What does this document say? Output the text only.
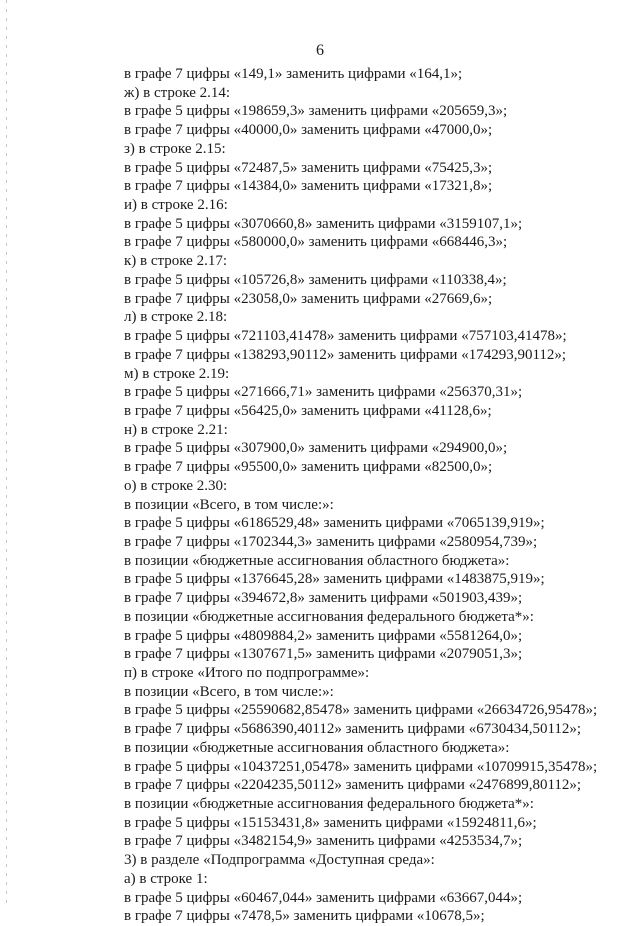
6
в графе 7 цифры «149,1» заменить цифрами «164,1»;
ж) в строке 2.14:
в графе 5 цифры «198659,3» заменить цифрами «205659,3»;
в графе 7 цифры «40000,0» заменить цифрами «47000,0»;
з) в строке 2.15:
в графе 5 цифры «72487,5» заменить цифрами «75425,3»;
в графе 7 цифры «14384,0» заменить цифрами «17321,8»;
и) в строке 2.16:
в графе 5 цифры «3070660,8» заменить цифрами «3159107,1»;
в графе 7 цифры «580000,0» заменить цифрами «668446,3»;
к) в строке 2.17:
в графе 5 цифры «105726,8» заменить цифрами «110338,4»;
в графе 7 цифры «23058,0» заменить цифрами «27669,6»;
л) в строке 2.18:
в графе 5 цифры «721103,41478» заменить цифрами «757103,41478»;
в графе 7 цифры «138293,90112» заменить цифрами «174293,90112»;
м) в строке 2.19:
в графе 5 цифры «271666,71» заменить цифрами «256370,31»;
в графе 7 цифры «56425,0» заменить цифрами «41128,6»;
н) в строке 2.21:
в графе 5 цифры «307900,0» заменить цифрами «294900,0»;
в графе 7 цифры «95500,0» заменить цифрами «82500,0»;
о) в строке 2.30:
в позиции «Всего, в том числе:»:
в графе 5 цифры «6186529,48» заменить цифрами «7065139,919»;
в графе 7 цифры «1702344,3» заменить цифрами «2580954,739»;
в позиции «бюджетные ассигнования областного бюджета»:
в графе 5 цифры «1376645,28» заменить цифрами «1483875,919»;
в графе 7 цифры «394672,8» заменить цифрами «501903,439»;
в позиции «бюджетные ассигнования федерального бюджета*»:
в графе 5 цифры «4809884,2» заменить цифрами «5581264,0»;
в графе 7 цифры «1307671,5» заменить цифрами «2079051,3»;
п) в строке «Итого по подпрограмме»:
в позиции «Всего, в том числе:»:
в графе 5 цифры «25590682,85478» заменить цифрами «26634726,95478»;
в графе 7 цифры «5686390,40112» заменить цифрами «6730434,50112»;
в позиции «бюджетные ассигнования областного бюджета»:
в графе 5 цифры «10437251,05478» заменить цифрами «10709915,35478»;
в графе 7 цифры «2204235,50112» заменить цифрами «2476899,80112»;
в позиции «бюджетные ассигнования федерального бюджета*»:
в графе 5 цифры «15153431,8» заменить цифрами «15924811,6»;
в графе 7 цифры «3482154,9» заменить цифрами «4253534,7»;
3) в разделе «Подпрограмма «Доступная среда»:
а) в строке 1:
в графе 5 цифры «60467,044» заменить цифрами «63667,044»;
в графе 7 цифры «7478,5» заменить цифрами «10678,5»;
